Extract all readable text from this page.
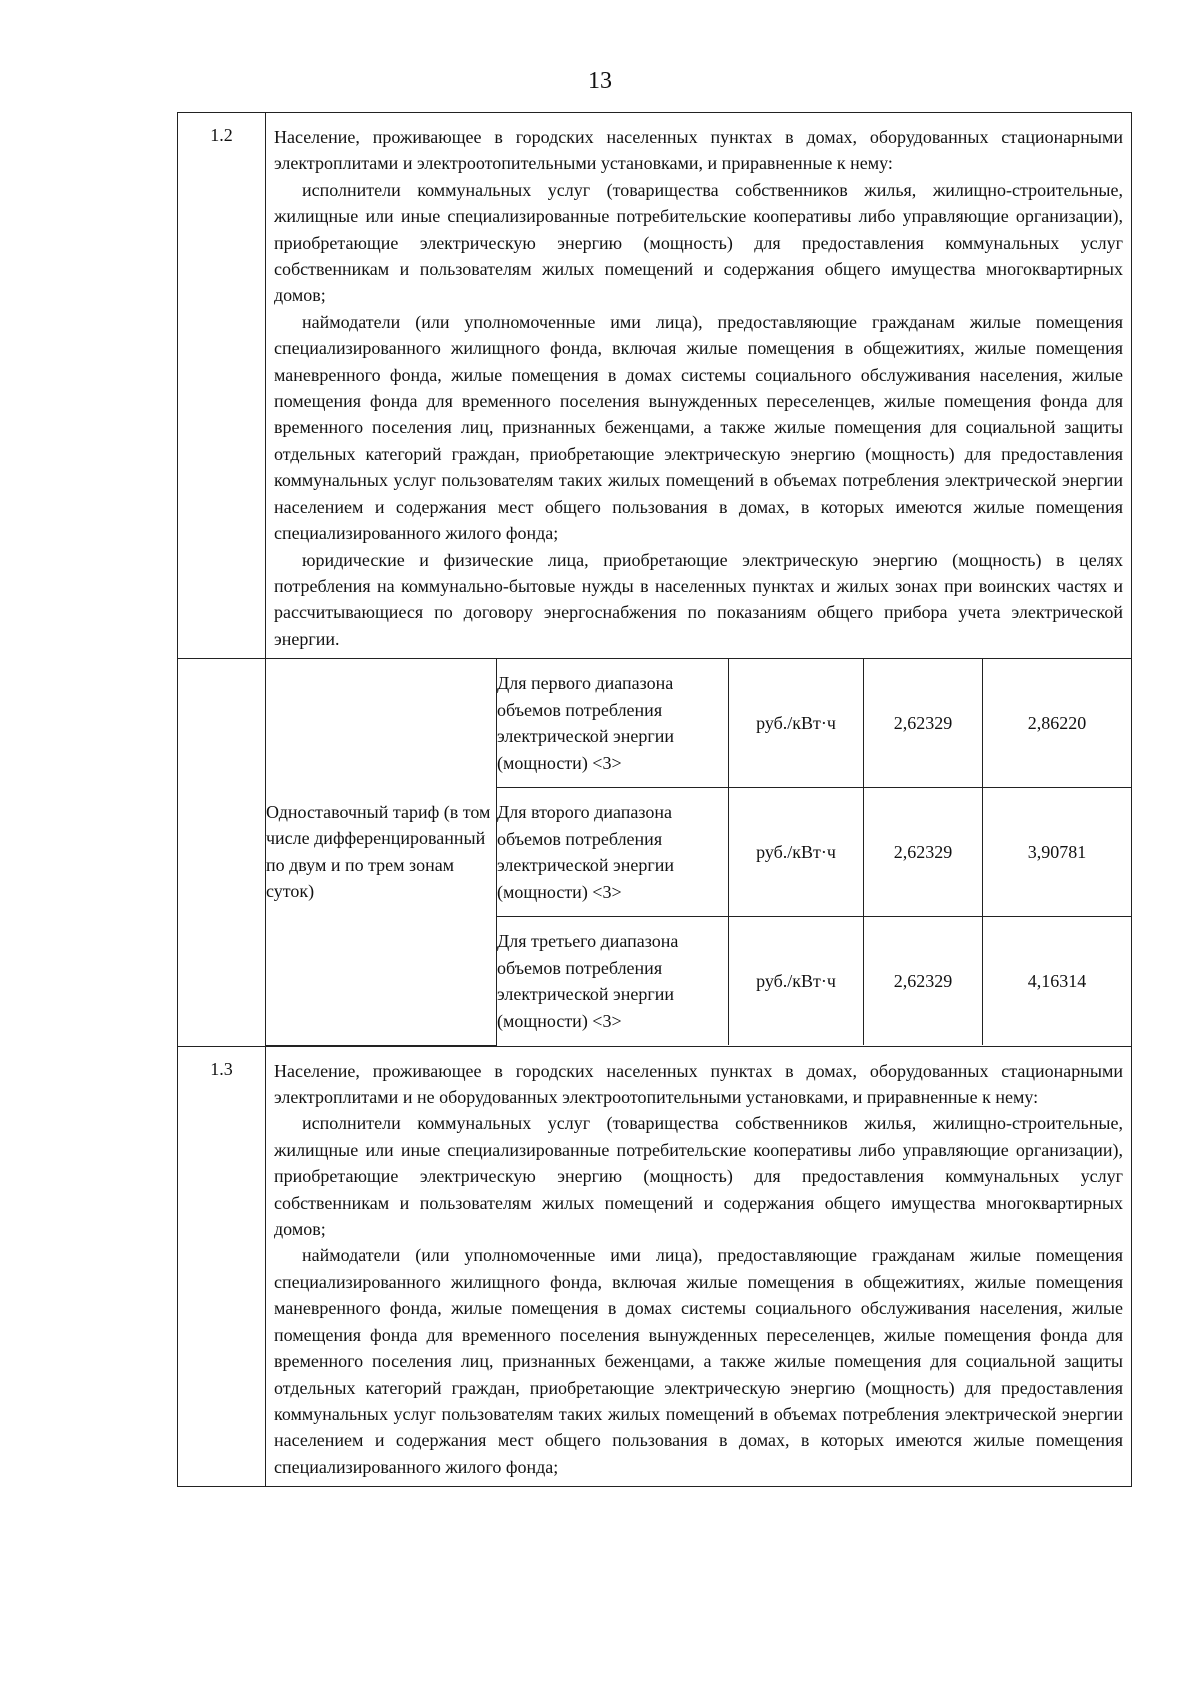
13
1.2	Население, проживающее в городских населенных пунктах в домах, оборудованных стационарными электроплитами и электроотопительными установками, и приравненные к нему:

исполнители коммунальных услуг (товарищества собственников жилья, жилищно-строительные, жилищные или иные специализированные потребительские кооперативы либо управляющие организации), приобретающие электрическую энергию (мощность) для предоставления коммунальных услуг собственникам и пользователям жилых помещений и содержания общего имущества многоквартирных домов;

наймодатели (или уполномоченные ими лица), предоставляющие гражданам жилые помещения специализированного жилищного фонда, включая жилые помещения в общежитиях, жилые помещения маневренного фонда, жилые помещения в домах системы социального обслуживания населения, жилые помещения фонда для временного поселения вынужденных переселенцев, жилые помещения фонда для временного поселения лиц, признанных беженцами, а также жилые помещения для социальной защиты отдельных категорий граждан, приобретающие электрическую энергию (мощность) для предоставления коммунальных услуг пользователям таких жилых помещений в объемах потребления электрической энергии населением и содержания мест общего пользования в домах, в которых имеются жилые помещения специализированного жилого фонда;

юридические и физические лица, приобретающие электрическую энергию (мощность) в целях потребления на коммунально-бытовые нужды в населенных пунктах и жилых зонах при воинских частях и рассчитывающиеся по договору энергоснабжения по показаниям общего прибора учета электрической энергии.

Одноставочный тариф (в том числе дифференцированный по двум и по трем зонам суток)	Для первого диапазона объемов потребления электрической энергии (мощности) <3>	руб./кВт·ч	2,62329	2,86220
Для второго диапазона объемов потребления электрической энергии (мощности) <3>	руб./кВт·ч	2,62329	3,90781
Для третьего диапазона объемов потребления электрической энергии (мощности) <3>	руб./кВт·ч	2,62329	4,16314

1.3	Население, проживающее в городских населенных пунктах в домах, оборудованных стационарными электроплитами и не оборудованных электроотопительными установками, и приравненные к нему:

исполнители коммунальных услуг (товарищества собственников жилья, жилищно-строительные, жилищные или иные специализированные потребительские кооперативы либо управляющие организации), приобретающие электрическую энергию (мощность) для предоставления коммунальных услуг собственникам и пользователям жилых помещений и содержания общего имущества многоквартирных домов;

наймодатели (или уполномоченные ими лица), предоставляющие гражданам жилые помещения специализированного жилищного фонда, включая жилые помещения в общежитиях, жилые помещения маневренного фонда, жилые помещения в домах системы социального обслуживания населения, жилые помещения фонда для временного поселения вынужденных переселенцев, жилые помещения фонда для временного поселения лиц, признанных беженцами, а также жилые помещения для социальной защиты отдельных категорий граждан, приобретающие электрическую энергию (мощность) для предоставления коммунальных услуг пользователям таких жилых помещений в объемах потребления электрической энергии населением и содержания мест общего пользования в домах, в которых имеются жилые помещения специализированного жилого фонда;
